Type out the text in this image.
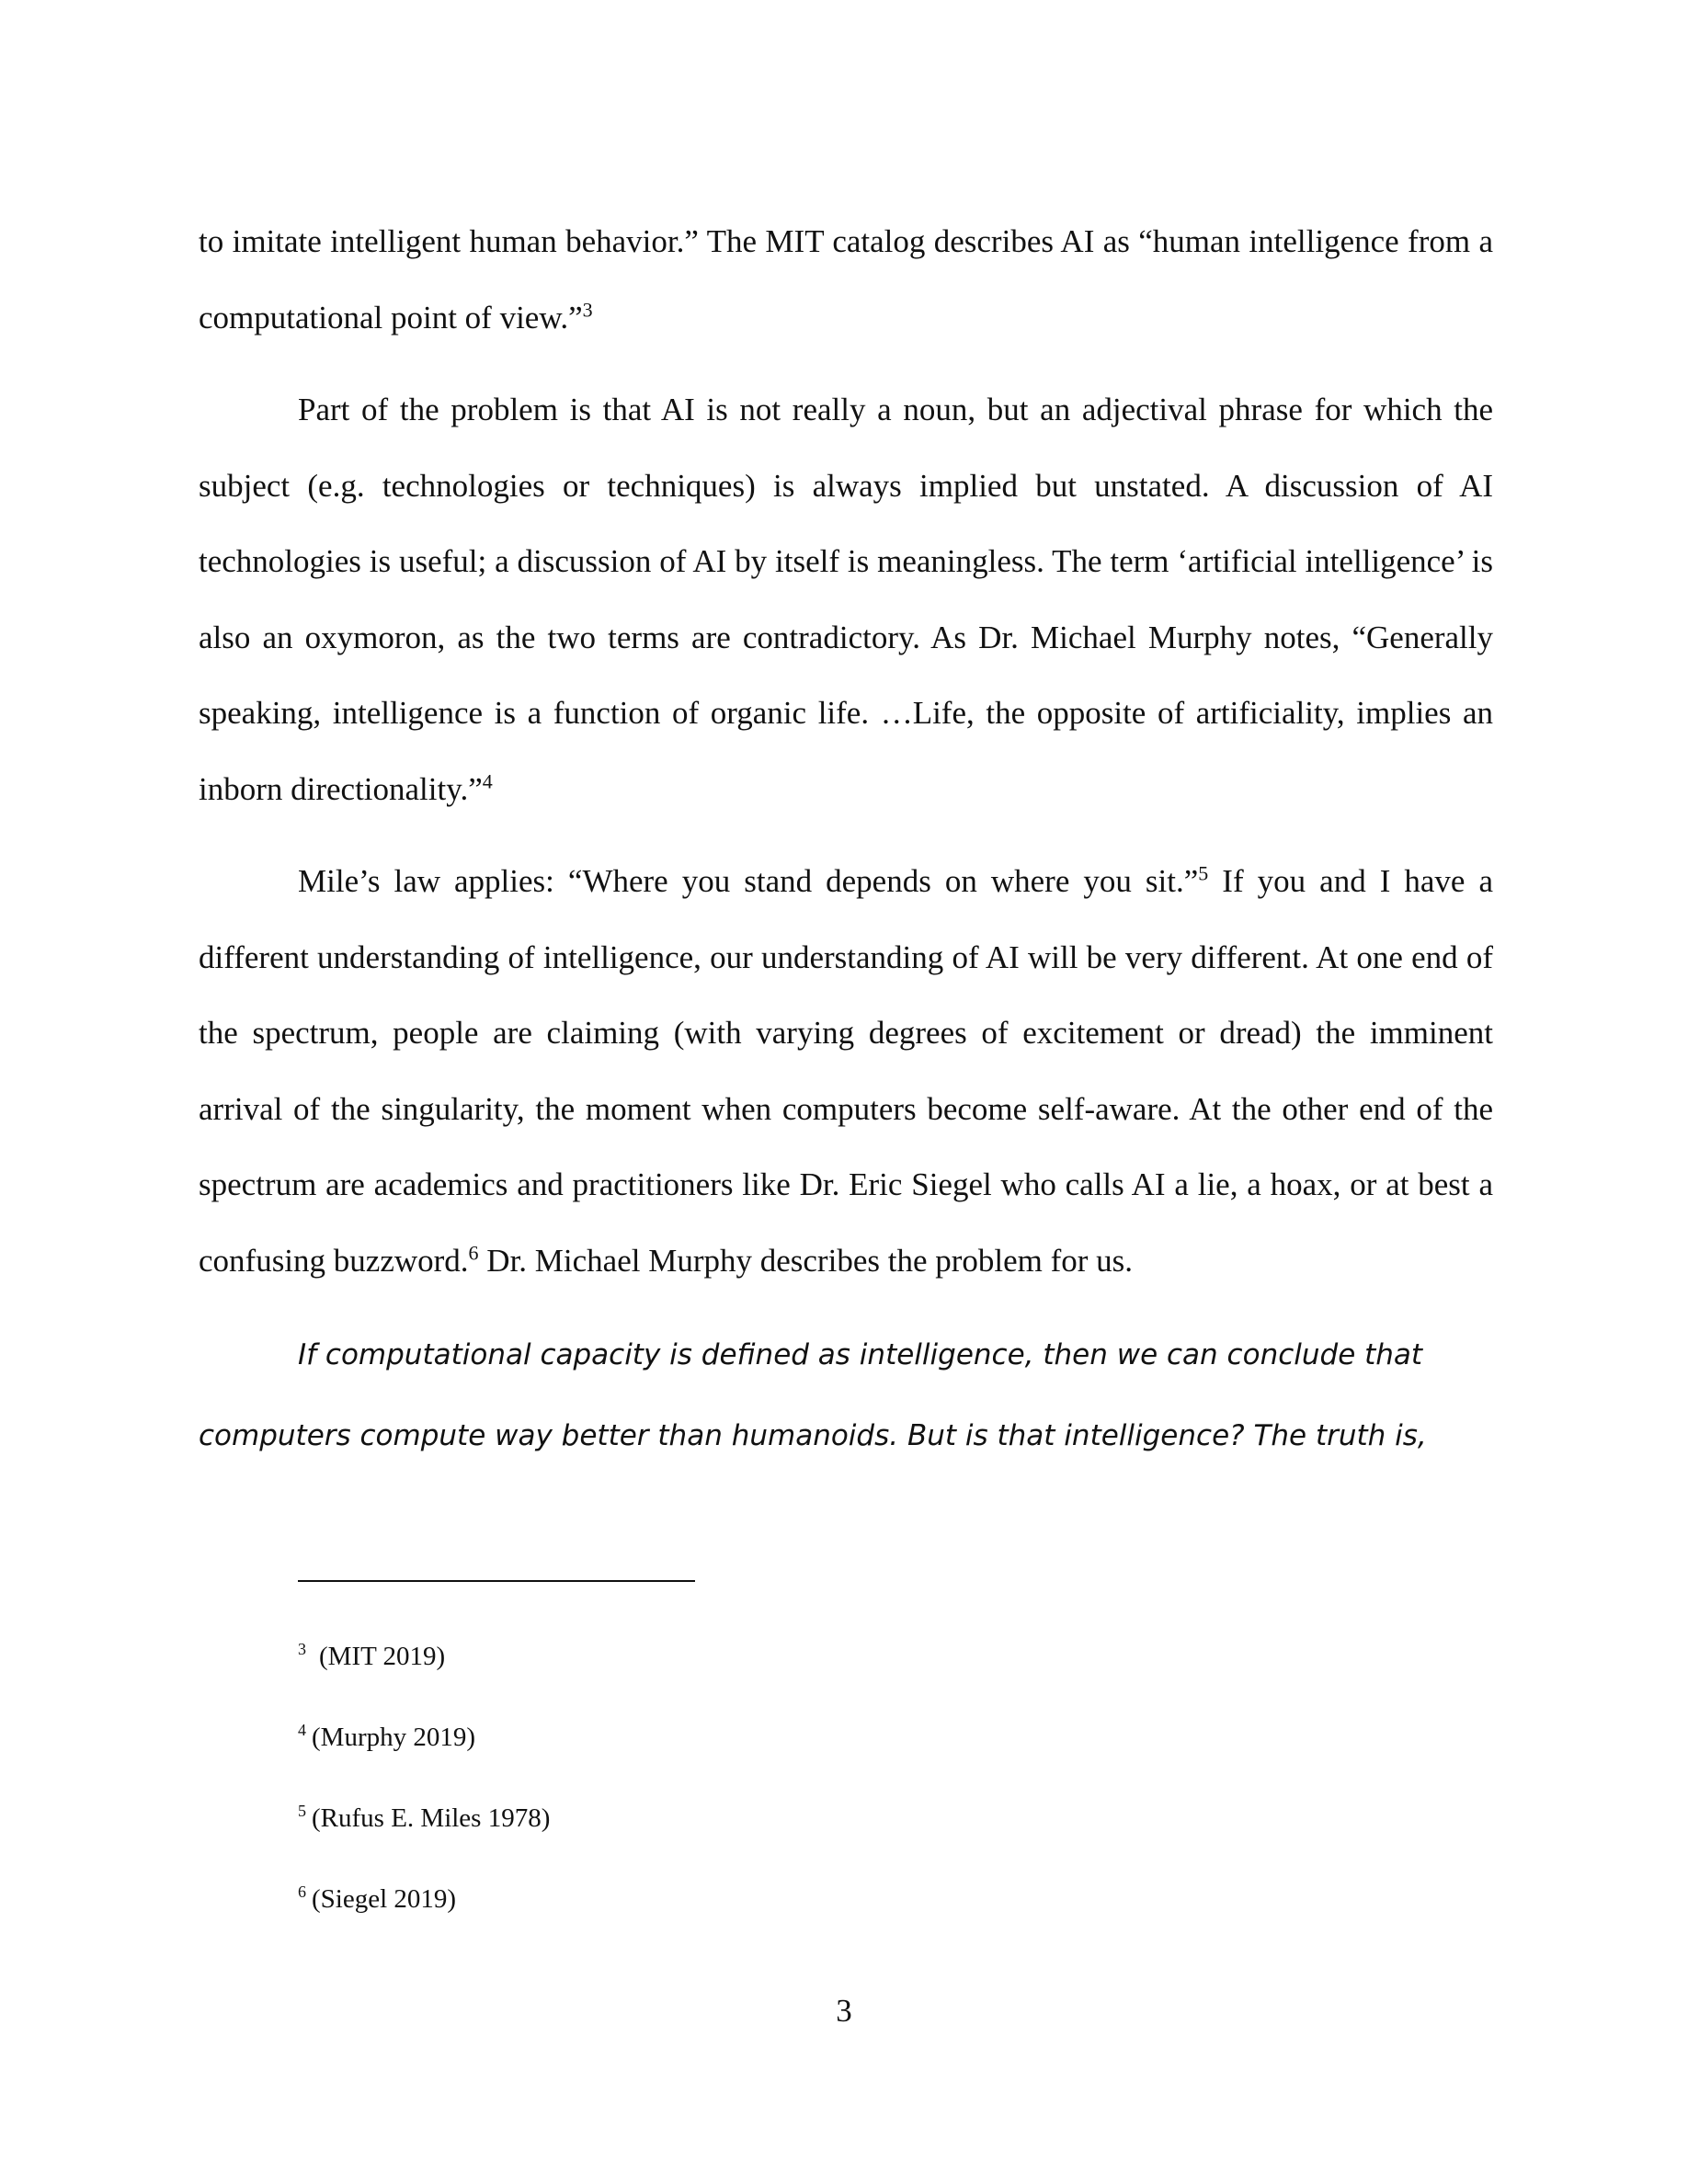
to imitate intelligent human behavior.” The MIT catalog describes AI as “human intelligence from a computational point of view.”$^3$

Part of the problem is that AI is not really a noun, but an adjectival phrase for which the subject (e.g. technologies or techniques) is always implied but unstated. A discussion of AI technologies is useful; a discussion of AI by itself is meaningless. The term ‘artificial intelligence’ is also an oxymoron, as the two terms are contradictory. As Dr. Michael Murphy notes, “Generally speaking, intelligence is a function of organic life. …Life, the opposite of artificiality, implies an inborn directionality.”$^4$

Mile’s law applies: “Where you stand depends on where you sit.”$^5$ If you and I have a different understanding of intelligence, our understanding of AI will be very different. At one end of the spectrum, people are claiming (with varying degrees of excitement or dread) the imminent arrival of the singularity, the moment when computers become self-aware. At the other end of the spectrum are academics and practitioners like Dr. Eric Siegel who calls AI a lie, a hoax, or at best a confusing buzzword.$^6$ Dr. Michael Murphy describes the problem for us.

If computational capacity is defined as intelligence, then we can conclude that computers compute way better than humanoids. But is that intelligence? The truth is,

$^3$ (MIT 2019)
$^4$ (Murphy 2019)
$^5$ (Rufus E. Miles 1978)
$^6$ (Siegel 2019)
3
